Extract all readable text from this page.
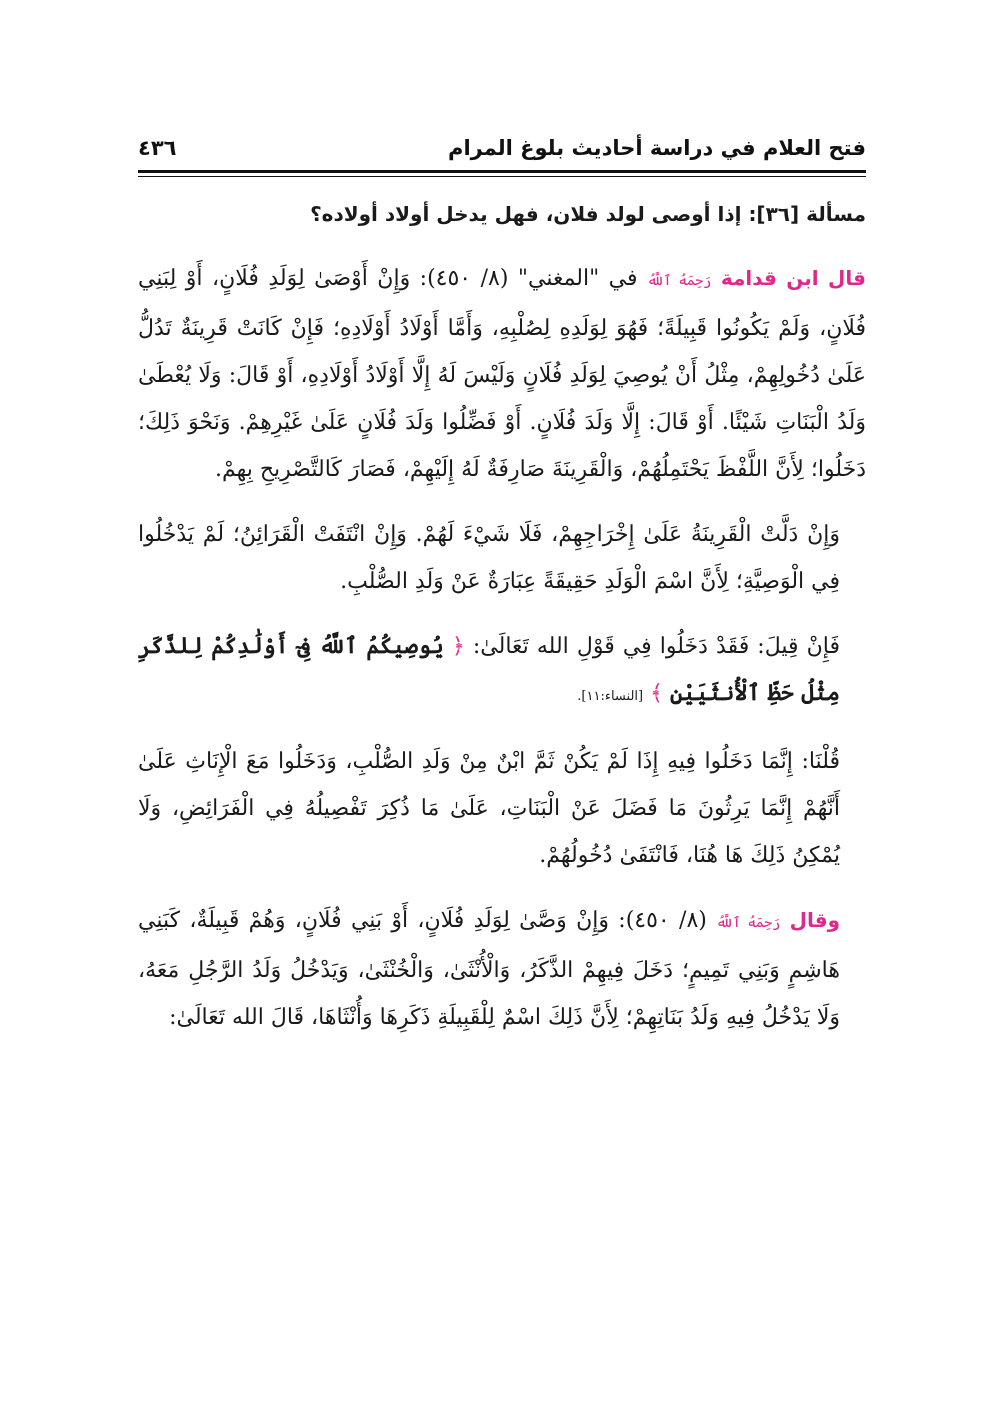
فتح العلام في دراسة أحاديث بلوغ المرام
٤٣٦
مسألة [٣٦]: إذا أوصى لولد فلان، فهل يدخل أولاد أولاده؟

قال ابن قدامة رَحِمَهُ ٱللَّهُ في "المغني" (٨/ ٤٥٠): وَإِنْ أَوْصَىٰ لِوَلَدِ فُلَانٍ، أَوْ لِبَنِي فُلَانٍ، وَلَمْ يَكُونُوا قَبِيلَةً؛ فَهُوَ لِوَلَدِهِ لِصُلْبِهِ، وَأَمَّا أَوْلَادُ أَوْلَادِهِ؛ فَإِنْ كَانَتْ قَرِينَةٌ تَدُلُّ عَلَىٰ دُخُولِهِمْ، مِثْلُ أَنْ يُوصِيَ لِوَلَدِ فُلَانٍ وَلَيْسَ لَهُ إِلَّا أَوْلَادُ أَوْلَادِهِ، أَوْ قَالَ: وَلَا يُعْطَىٰ وَلَدُ الْبَنَاتِ شَيْئًا. أَوْ قَالَ: إِلَّا وَلَدَ فُلَانٍ. أَوْ فَضِّلُوا وَلَدَ فُلَانٍ عَلَىٰ غَيْرِهِمْ. وَنَحْوَ ذَلِكَ؛ دَخَلُوا؛ لِأَنَّ اللَّفْظَ يَحْتَمِلُهُمْ، وَالْقَرِينَةَ صَارِفَةٌ لَهُ إِلَيْهِمْ، فَصَارَ كَالتَّصْرِيحِ بِهِمْ.

وَإِنْ دَلَّتْ الْقَرِينَةُ عَلَىٰ إِخْرَاجِهِمْ، فَلَا شَيْءَ لَهُمْ. وَإِنْ انْتَفَتْ الْقَرَائِنُ؛ لَمْ يَدْخُلُوا فِي الْوَصِيَّةِ؛ لِأَنَّ اسْمَ الْوَلَدِ حَقِيقَةً عِبَارَةٌ عَنْ وَلَدِ الصُّلْبِ.

فَإِنْ قِيلَ: فَقَدْ دَخَلُوا فِي قَوْلِ الله تَعَالَىٰ: ﴿ يُوصِيكُمُ ٱللَّهُ فِىٓ أَوْلَٰدِكُمْ لِلذَّكَرِ مِثْلُ حَظِّ ٱلْأُنثَيَيْنِ ﴾ [النساء:١١].

قُلْنَا: إِنَّمَا دَخَلُوا فِيهِ إِذَا لَمْ يَكُنْ ثَمَّ ابْنٌ مِنْ وَلَدِ الصُّلْبِ، وَدَخَلُوا مَعَ الْإِنَاثِ عَلَىٰ أَنَّهُمْ إِنَّمَا يَرِثُونَ مَا فَضَلَ عَنْ الْبَنَاتِ، عَلَىٰ مَا ذُكِرَ تَفْصِيلُهُ فِي الْفَرَائِضِ، وَلَا يُمْكِنُ ذَلِكَ هَا هُنَا، فَانْتَفَىٰ دُخُولُهُمْ.

وقال رَحِمَهُ ٱللَّهُ (٨/ ٤٥٠): وَإِنْ وَصَّىٰ لِوَلَدِ فُلَانٍ، أَوْ بَنِي فُلَانٍ، وَهُمْ قَبِيلَةٌ، كَبَنِي هَاشِمٍ وَبَنِي تَمِيمٍ؛ دَخَلَ فِيهِمْ الذَّكَرُ، وَالْأُنْثَىٰ، وَالْخُنْثَىٰ، وَيَدْخُلُ وَلَدُ الرَّجُلِ مَعَهُ، وَلَا يَدْخُلُ فِيهِ وَلَدُ بَنَاتِهِمْ؛ لِأَنَّ ذَلِكَ اسْمٌ لِلْقَبِيلَةِ ذَكَرِهَا وَأُنْثَاهَا، قَالَ الله تَعَالَىٰ:
